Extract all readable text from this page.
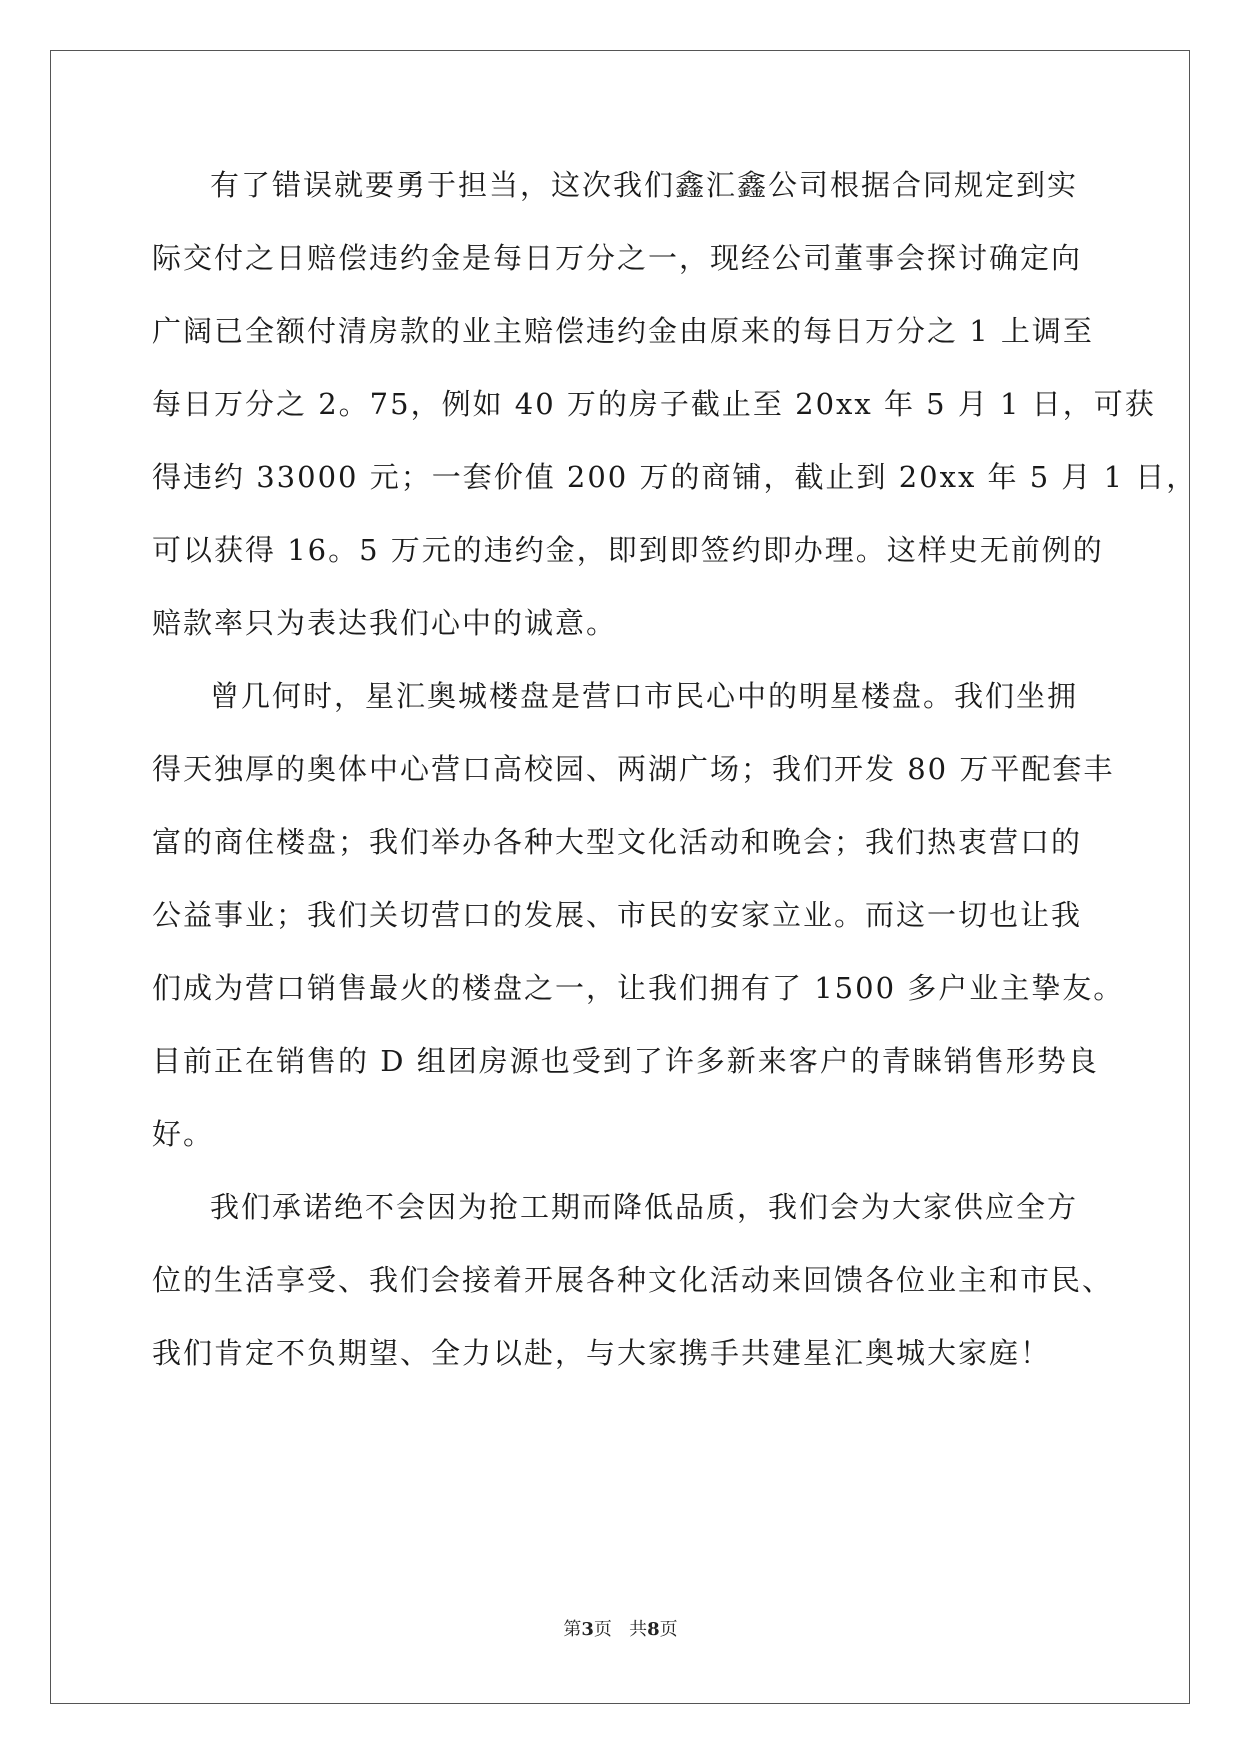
有了错误就要勇于担当，这次我们鑫汇鑫公司根据合同规定到实
际交付之日赔偿违约金是每日万分之一，现经公司董事会探讨确定向
广阔已全额付清房款的业主赔偿违约金由原来的每日万分之 1 上调至
每日万分之 2。75，例如 40 万的房子截止至 20xx 年 5 月 1 日，可获
得违约 33000 元；一套价值 200 万的商铺，截止到 20xx 年 5 月 1 日，
可以获得 16。5 万元的违约金，即到即签约即办理。这样史无前例的
赔款率只为表达我们心中的诚意。
曾几何时，星汇奥城楼盘是营口市民心中的明星楼盘。我们坐拥
得天独厚的奥体中心营口高校园、两湖广场；我们开发 80 万平配套丰
富的商住楼盘；我们举办各种大型文化活动和晚会；我们热衷营口的
公益事业；我们关切营口的发展、市民的安家立业。而这一切也让我
们成为营口销售最火的楼盘之一，让我们拥有了 1500 多户业主挚友。
目前正在销售的 D 组团房源也受到了许多新来客户的青睐销售形势良
好。
我们承诺绝不会因为抢工期而降低品质，我们会为大家供应全方
位的生活享受、我们会接着开展各种文化活动来回馈各位业主和市民、
我们肯定不负期望、全力以赴，与大家携手共建星汇奥城大家庭！
第3页   共8页
